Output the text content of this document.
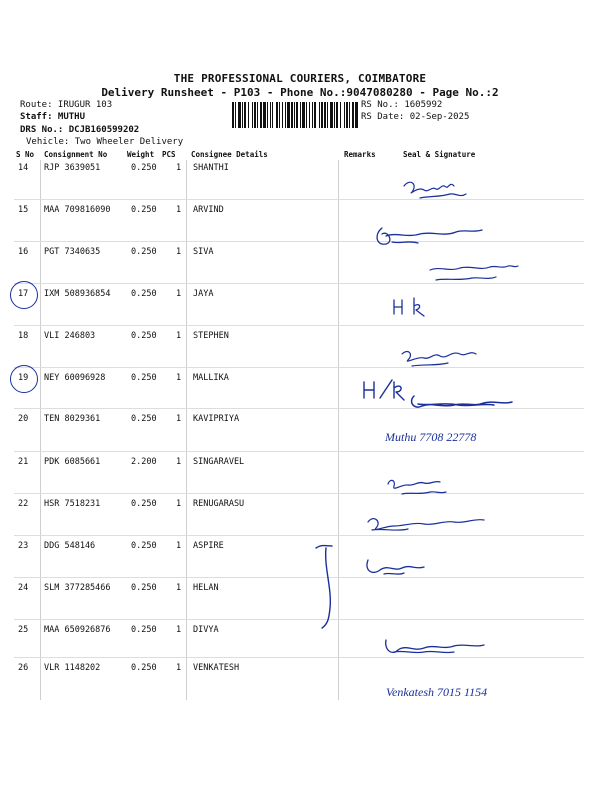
THE PROFESSIONAL COURIERS, COIMBATORE
Delivery Runsheet - P103 - Phone No.:9047080280 - Page No.:2
Route: IRUGUR 103
Staff: MUTHU
DRS No.: DCJB160599202
Vehicle: Two Wheeler Delivery
RS No.: 1605992
RS Date: 02-Sep-2025
S No Consignment No	Weight PCS Consignee Details	Remarks	Seal & Signature
14 RJP 3639051	0.250 1 SHANTHI
15 MAA 709816090 0.250 1 ARVIND
16 PGT 7340635	0.250 1 SIVA
17 IXM 508936854 0.250 1 JAYA
18 VLI 246803	0.250 1 STEPHEN
19 NEY 60096928	0.250 1 MALLIKA
20 TEN 8029361	0.250 1 KAVIPRIYA
21 PDK 6085661	2.200 1 SINGARAVEL
22 HSR 7518231	0.250 1 RENUGARASU
23 DDG 548146	0.250 1 ASPIRE
24 SLM 377285466 0.250 1 HELAN
25 MAA 650926876 0.250 1 DIVYA
26 VLR 1148202	0.250 1 VENKATESH
Muthu 7708 22778
Venkatesh 7015 1154
